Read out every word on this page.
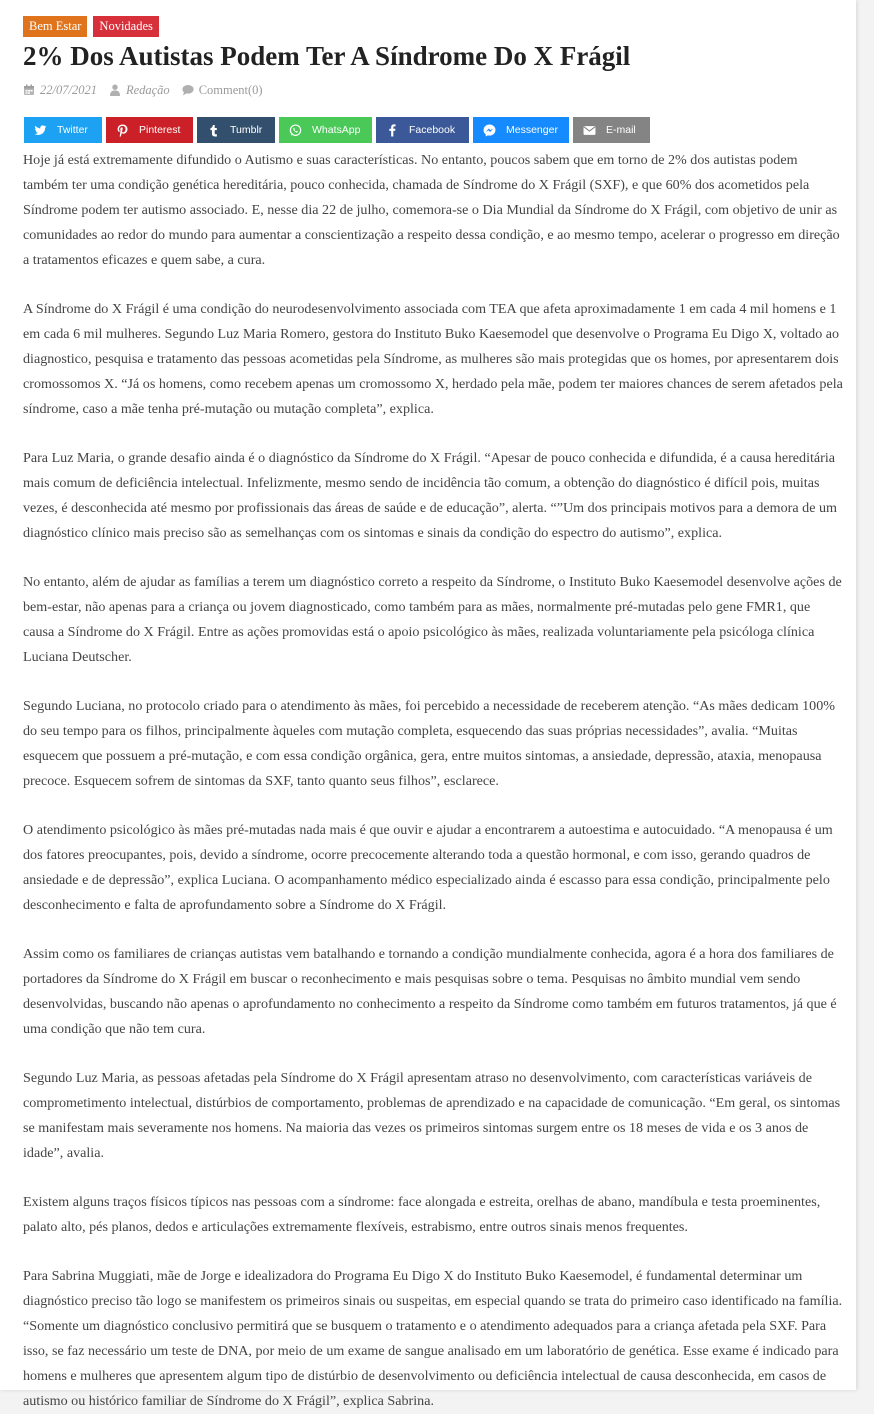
Bem Estar	Novidades
2% Dos Autistas Podem Ter A Síndrome Do X Frágil
22/07/2021 Redação Comment(0)
Twitter	Pinterest	Tumblr	WhatsApp	Facebook	Messenger	E-mail

Hoje já está extremamente difundido o Autismo e suas características. No entanto, poucos sabem que em torno de 2% dos autistas podem também ter uma condição genética hereditária, pouco conhecida, chamada de Síndrome do X Frágil (SXF), e que 60% dos acometidos pela Síndrome podem ter autismo associado. E, nesse dia 22 de julho, comemora-se o Dia Mundial da Síndrome do X Frágil, com objetivo de unir as comunidades ao redor do mundo para aumentar a conscientização a respeito dessa condição, e ao mesmo tempo, acelerar o progresso em direção a tratamentos eficazes e quem sabe, a cura.

A Síndrome do X Frágil é uma condição do neurodesenvolvimento associada com TEA que afeta aproximadamente 1 em cada 4 mil homens e 1 em cada 6 mil mulheres. Segundo Luz Maria Romero, gestora do Instituto Buko Kaesemodel que desenvolve o Programa Eu Digo X, voltado ao diagnostico, pesquisa e tratamento das pessoas acometidas pela Síndrome, as mulheres são mais protegidas que os homes, por apresentarem dois cromossomos X. “Já os homens, como recebem apenas um cromossomo X, herdado pela mãe, podem ter maiores chances de serem afetados pela síndrome, caso a mãe tenha pré-mutação ou mutação completa”, explica.

Para Luz Maria, o grande desafio ainda é o diagnóstico da Síndrome do X Frágil. “Apesar de pouco conhecida e difundida, é a causa hereditária mais comum de deficiência intelectual. Infelizmente, mesmo sendo de incidência tão comum, a obtenção do diagnóstico é difícil pois, muitas vezes, é desconhecida até mesmo por profissionais das áreas de saúde e de educação”, alerta. “”Um dos principais motivos para a demora de um diagnóstico clínico mais preciso são as semelhanças com os sintomas e sinais da condição do espectro do autismo”, explica.

No entanto, além de ajudar as famílias a terem um diagnóstico correto a respeito da Síndrome, o Instituto Buko Kaesemodel desenvolve ações de bem-estar, não apenas para a criança ou jovem diagnosticado, como também para as mães, normalmente pré-mutadas pelo gene FMR1, que causa a Síndrome do X Frágil. Entre as ações promovidas está o apoio psicológico às mães, realizada voluntariamente pela psicóloga clínica Luciana Deutscher.

Segundo Luciana, no protocolo criado para o atendimento às mães, foi percebido a necessidade de receberem atenção. “As mães dedicam 100% do seu tempo para os filhos, principalmente àqueles com mutação completa, esquecendo das suas próprias necessidades”, avalia. “Muitas esquecem que possuem a pré-mutação, e com essa condição orgânica, gera, entre muitos sintomas, a ansiedade, depressão, ataxia, menopausa precoce. Esquecem sofrem de sintomas da SXF, tanto quanto seus filhos”, esclarece.

O atendimento psicológico às mães pré-mutadas nada mais é que ouvir e ajudar a encontrarem a autoestima e autocuidado. “A menopausa é um dos fatores preocupantes, pois, devido a síndrome, ocorre precocemente alterando toda a questão hormonal, e com isso, gerando quadros de ansiedade e de depressão”, explica Luciana. O acompanhamento médico especializado ainda é escasso para essa condição, principalmente pelo desconhecimento e falta de aprofundamento sobre a Síndrome do X Frágil.

Assim como os familiares de crianças autistas vem batalhando e tornando a condição mundialmente conhecida, agora é a hora dos familiares de portadores da Síndrome do X Frágil em buscar o reconhecimento e mais pesquisas sobre o tema. Pesquisas no âmbito mundial vem sendo desenvolvidas, buscando não apenas o aprofundamento no conhecimento a respeito da Síndrome como também em futuros tratamentos, já que é uma condição que não tem cura.

Segundo Luz Maria, as pessoas afetadas pela Síndrome do X Frágil apresentam atraso no desenvolvimento, com características variáveis de comprometimento intelectual, distúrbios de comportamento, problemas de aprendizado e na capacidade de comunicação. “Em geral, os sintomas se manifestam mais severamente nos homens. Na maioria das vezes os primeiros sintomas surgem entre os 18 meses de vida e os 3 anos de idade”, avalia.

Existem alguns traços físicos típicos nas pessoas com a síndrome: face alongada e estreita, orelhas de abano, mandíbula e testa proeminentes, palato alto, pés planos, dedos e articulações extremamente flexíveis, estrabismo, entre outros sinais menos frequentes.

Para Sabrina Muggiati, mãe de Jorge e idealizadora do Programa Eu Digo X do Instituto Buko Kaesemodel, é fundamental determinar um diagnóstico preciso tão logo se manifestem os primeiros sinais ou suspeitas, em especial quando se trata do primeiro caso identificado na família. “Somente um diagnóstico conclusivo permitirá que se busquem o tratamento e o atendimento adequados para a criança afetada pela SXF. Para isso, se faz necessário um teste de DNA, por meio de um exame de sangue analisado em um laboratório de genética. Esse exame é indicado para homens e mulheres que apresentem algum tipo de distúrbio de desenvolvimento ou deficiência intelectual de causa desconhecida, em casos de autismo ou histórico familiar de Síndrome do X Frágil”, explica Sabrina.
